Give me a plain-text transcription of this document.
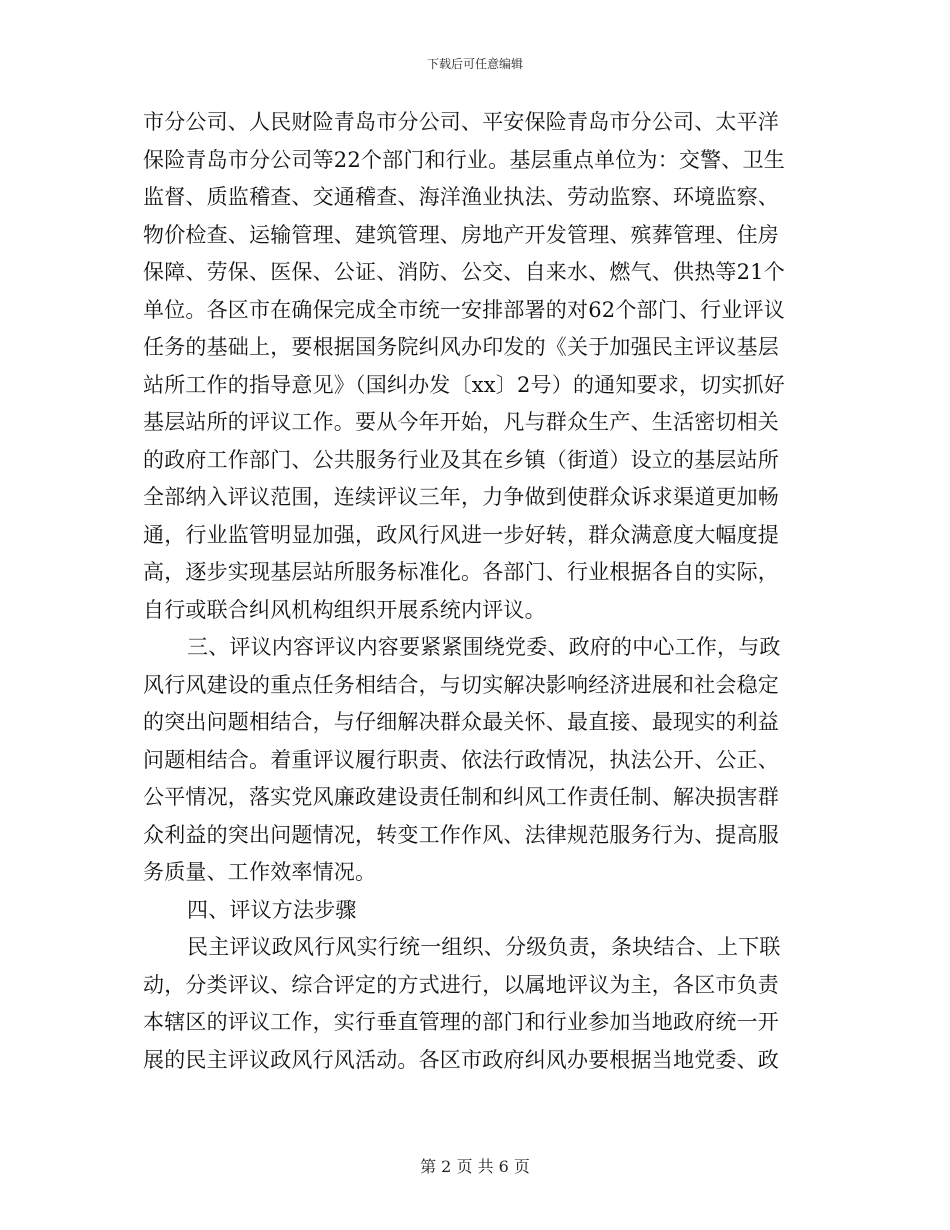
下载后可任意编辑
市分公司、人民财险青岛市分公司、平安保险青岛市分公司、太平洋
保险青岛市分公司等22个部门和行业。基层重点单位为：交警、卫生
监督、质监稽查、交通稽查、海洋渔业执法、劳动监察、环境监察、
物价检查、运输管理、建筑管理、房地产开发管理、殡葬管理、住房
保障、劳保、医保、公证、消防、公交、自来水、燃气、供热等21个
单位。各区市在确保完成全市统一安排部署的对62个部门、行业评议
任务的基础上，要根据国务院纠风办印发的《关于加强民主评议基层
站所工作的指导意见》（国纠办发〔xx〕2号）的通知要求，切实抓好
基层站所的评议工作。要从今年开始，凡与群众生产、生活密切相关
的政府工作部门、公共服务行业及其在乡镇（街道）设立的基层站所
全部纳入评议范围，连续评议三年，力争做到使群众诉求渠道更加畅
通，行业监管明显加强，政风行风进一步好转，群众满意度大幅度提
高，逐步实现基层站所服务标准化。各部门、行业根据各自的实际，
自行或联合纠风机构组织开展系统内评议。
三、评议内容评议内容要紧紧围绕党委、政府的中心工作，与政
风行风建设的重点任务相结合，与切实解决影响经济进展和社会稳定
的突出问题相结合，与仔细解决群众最关怀、最直接、最现实的利益
问题相结合。着重评议履行职责、依法行政情况，执法公开、公正、
公平情况，落实党风廉政建设责任制和纠风工作责任制、解决损害群
众利益的突出问题情况，转变工作作风、法律规范服务行为、提高服
务质量、工作效率情况。
四、评议方法步骤
民主评议政风行风实行统一组织、分级负责，条块结合、上下联
动，分类评议、综合评定的方式进行，以属地评议为主，各区市负责
本辖区的评议工作，实行垂直管理的部门和行业参加当地政府统一开
展的民主评议政风行风活动。各区市政府纠风办要根据当地党委、政
第 2 页 共 6 页
